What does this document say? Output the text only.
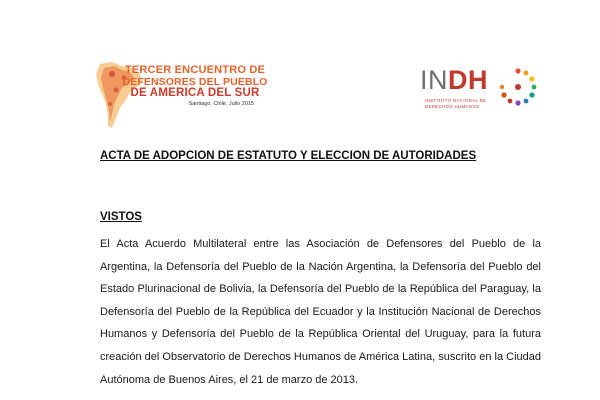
TERCER ENCUENTRO DE
DEFENSORES DEL PUEBLO
DE AMERICA DEL SUR
Santiago, Chile, Julio 2015
INDH
INSTITUTO NACIONAL DE
DERECHOS HUMANOS
ACTA DE ADOPCION DE ESTATUTO Y ELECCION DE AUTORIDADES
VISTOS
El Acta Acuerdo Multilateral entre las Asociación de Defensores del Pueblo de la
Argentina, la Defensoría del Pueblo de la Nación Argentina, la Defensoría del Pueblo del
Estado Plurinacional de Bolivia, la Defensoría del Pueblo de la República del Paraguay, la
Defensoría del Pueblo de la República del Ecuador y la Institución Nacional de Derechos
Humanos y Defensoría del Pueblo de la República Oriental del Uruguay, para la futura
creación del Observatorio de Derechos Humanos de América Latina, suscrito en la Ciudad
Autónoma de Buenos Aires, el 21 de marzo de 2013.
